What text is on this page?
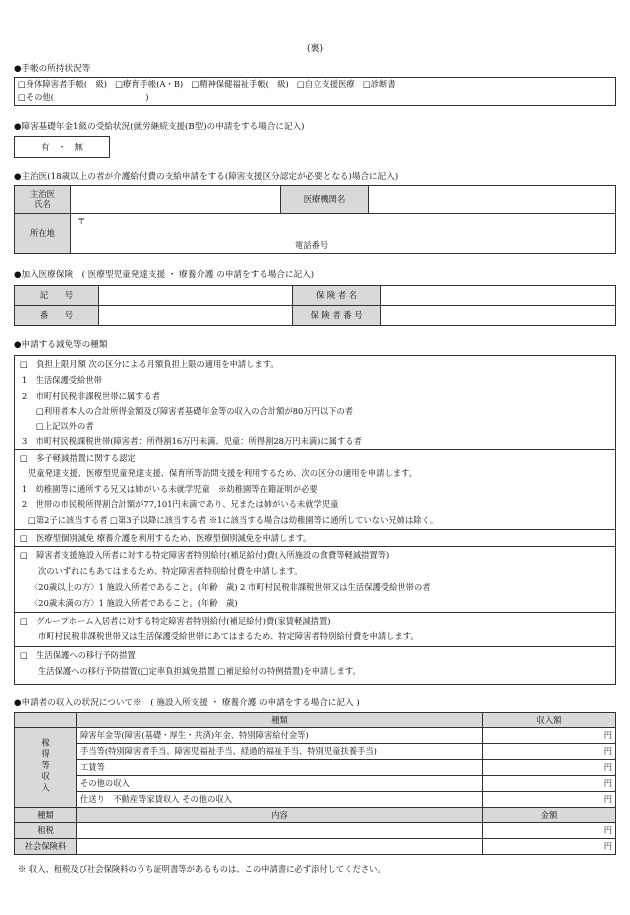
(裏)
●手帳の所持状況等
□身体障害者手帳(　級)　□療育手帳(A・B)　□精神保健福祉手帳(　級)　□自立支援医療　□診断書
□その他(　　　　　　　　　　　)
●障害基礎年金1級の受給状況(就労継続支援(B型)の申請をする場合に記入)
有　・　無
●主治医(18歳以上の者が介護給付費の支給申請をする(障害支援区分認定が必要となる)場合に記入)
主治医
氏名		医療機関名	
所在地	〒
電話番号		
●加入医療保険　( 医療型児童発達支援 ・ 療養介護 の申請をする場合に記入)
記　　号		保 険 者 名	
番　　号		保 険 者 番 号	
●申請する減免等の種類
□　負担上限月額 次の区分による月額負担上限の適用を申請します。
1　生活保護受給世帯
2　市町村民税非課税世帯に属する者
□利用者本人の合計所得金額及び障害者基礎年金等の収入の合計額が80万円以下の者
□上記以外の者
3　市町村民税課税世帯(障害者：所得割16万円未満、児童：所得割28万円未満)に属する者
□　多子軽減措置に関する認定
児童発達支援、医療型児童発達支援、保育所等訪問支援を利用するため、次の区分の適用を申請します。
1　幼稚園等に通所する兄又は姉がいる未就学児童　※幼稚園等在籍証明が必要
2　世帯の市民税所得割合計額が77,101円未満であり、兄または姉がいる未就学児童
□第2子に該当する者 □第3子以降に該当する者 ※1に該当する場合は幼稚園等に通所していない兄姉は除く。
□　医療型個別減免 療養介護を利用するため、医療型個別減免を申請します。
□　障害者支援施設入所者に対する特定障害者特別給付(補足給付)費(入所施設の食費等軽減措置等)
次のいずれにもあてはまるため、特定障害者特別給付費を申請します。
〈20歳以上の方〉1 施設入所者であること。(年齢　歳) 2 市町村民税非課税世帯又は生活保護受給世帯の者
〈20歳未満の方〉1 施設入所者であること。(年齢　歳)
□　グループホーム入居者に対する特定障害者特別給付(補足給付)費(家賃軽減措置)
市町村民税非課税世帯又は生活保護受給世帯にあてはまるため、特定障害者特別給付費を申請します。
□　生活保護への移行予防措置
生活保護への移行予防措置(□定率負担減免措置 □補足給付の特例措置)を申請します。
●申請者の収入の状況について※　( 施設入所支援 ・ 療養介護 の申請をする場合に記入 )
	種類	収入額
稼得等収入	障害年金等(障害(基礎・厚生・共済)年金、特別障害給付金等)	円
	手当等(特別障害者手当、障害児福祉手当、経過的福祉手当、特別児童扶養手当)	円
	工賃等	円
	その他の収入	円
	仕送り　不動産等家賃収入 その他の収入	円
種類	内容	金額
租税		円
社会保険料		円
※ 収入、租税及び社会保険料のうち証明書等があるものは、この申請書に必ず添付してください。
